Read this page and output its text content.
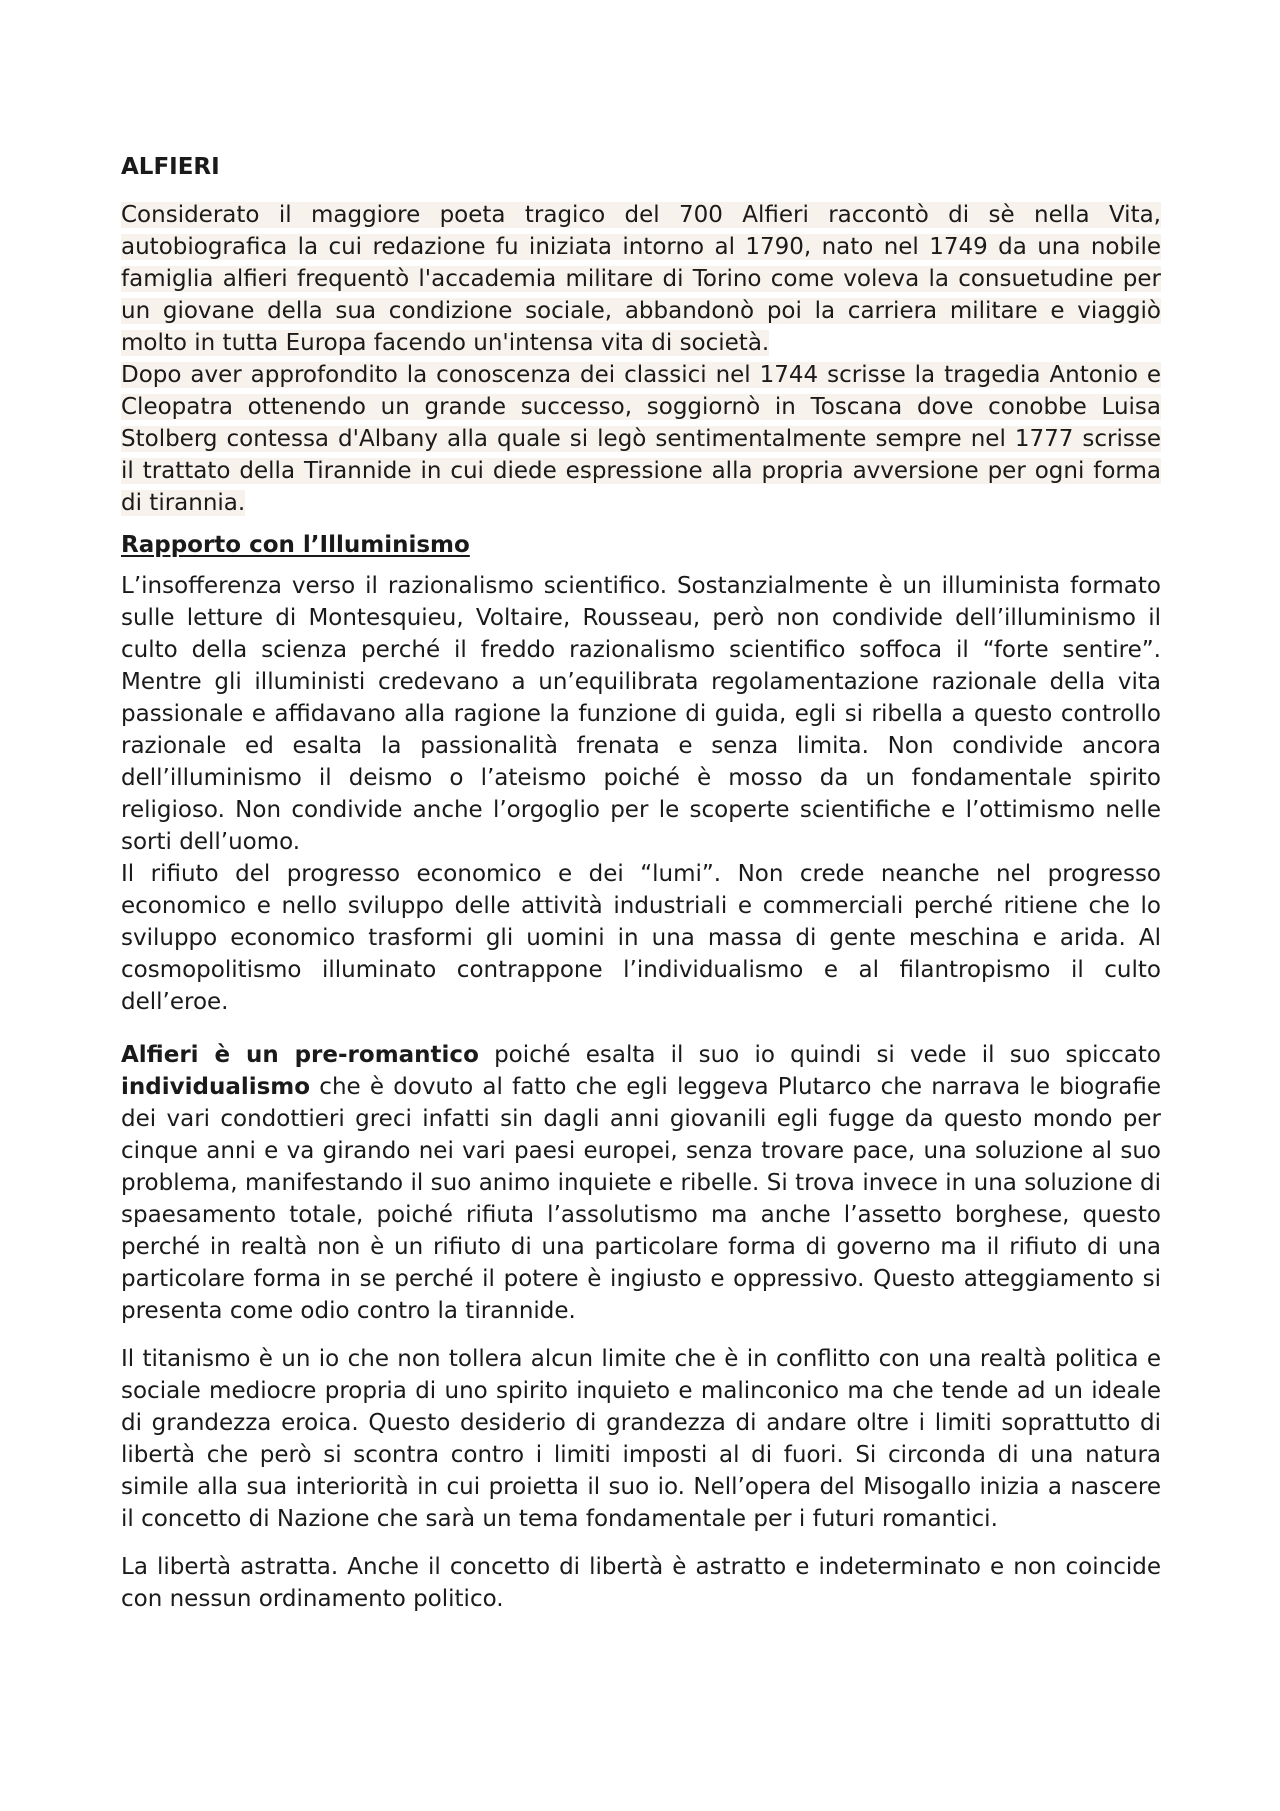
ALFIERI

Considerato il maggiore poeta tragico del 700 Alfieri raccontò di sè nella Vita, autobiografica la cui redazione fu iniziata intorno al 1790, nato nel 1749 da una nobile famiglia alfieri frequentò l'accademia militare di Torino come voleva la consuetudine per un giovane della sua condizione sociale, abbandonò poi la carriera militare e viaggiò molto in tutta Europa facendo un'intensa vita di società.
Dopo aver approfondito la conoscenza dei classici nel 1744 scrisse la tragedia Antonio e Cleopatra ottenendo un grande successo, soggiornò in Toscana dove conobbe Luisa Stolberg contessa d'Albany alla quale si legò sentimentalmente sempre nel 1777 scrisse il trattato della Tirannide in cui diede espressione alla propria avversione per ogni forma di tirannia.

Rapporto con l’Illuminismo

L’insofferenza verso il razionalismo scientifico. Sostanzialmente è un illuminista formato sulle letture di Montesquieu, Voltaire, Rousseau, però non condivide dell’illuminismo il culto della scienza perché il freddo razionalismo scientifico soffoca il “forte sentire”. Mentre gli illuministi credevano a un’equilibrata regolamentazione razionale della vita passionale e affidavano alla ragione la funzione di guida, egli si ribella a questo controllo razionale ed esalta la passionalità frenata e senza limita. Non condivide ancora dell’illuminismo il deismo o l’ateismo poiché è mosso da un fondamentale spirito religioso. Non condivide anche l’orgoglio per le scoperte scientifiche e l’ottimismo nelle sorti dell’uomo.
Il rifiuto del progresso economico e dei “lumi”. Non crede neanche nel progresso economico e nello sviluppo delle attività industriali e commerciali perché ritiene che lo sviluppo economico trasformi gli uomini in una massa di gente meschina e arida. Al cosmopolitismo illuminato contrappone l’individualismo e al filantropismo il culto dell’eroe.

Alfieri è un pre-romantico poiché esalta il suo io quindi si vede il suo spiccato individualismo che è dovuto al fatto che egli leggeva Plutarco che narrava le biografie dei vari condottieri greci infatti sin dagli anni giovanili egli fugge da questo mondo per cinque anni e va girando nei vari paesi europei, senza trovare pace, una soluzione al suo problema, manifestando il suo animo inquiete e ribelle. Si trova invece in una soluzione di spaesamento totale, poiché rifiuta l’assolutismo ma anche l’assetto borghese, questo perché in realtà non è un rifiuto di una particolare forma di governo ma il rifiuto di una particolare forma in se perché il potere è ingiusto e oppressivo. Questo atteggiamento si presenta come odio contro la tirannide.

Il titanismo è un io che non tollera alcun limite che è in conflitto con una realtà politica e sociale mediocre propria di uno spirito inquieto e malinconico ma che tende ad un ideale di grandezza eroica. Questo desiderio di grandezza di andare oltre i limiti soprattutto di libertà che però si scontra contro i limiti imposti al di fuori. Si circonda di una natura simile alla sua interiorità in cui proietta il suo io. Nell’opera del Misogallo inizia a nascere il concetto di Nazione che sarà un tema fondamentale per i futuri romantici.

La libertà astratta. Anche il concetto di libertà è astratto e indeterminato e non coincide con nessun ordinamento politico.
